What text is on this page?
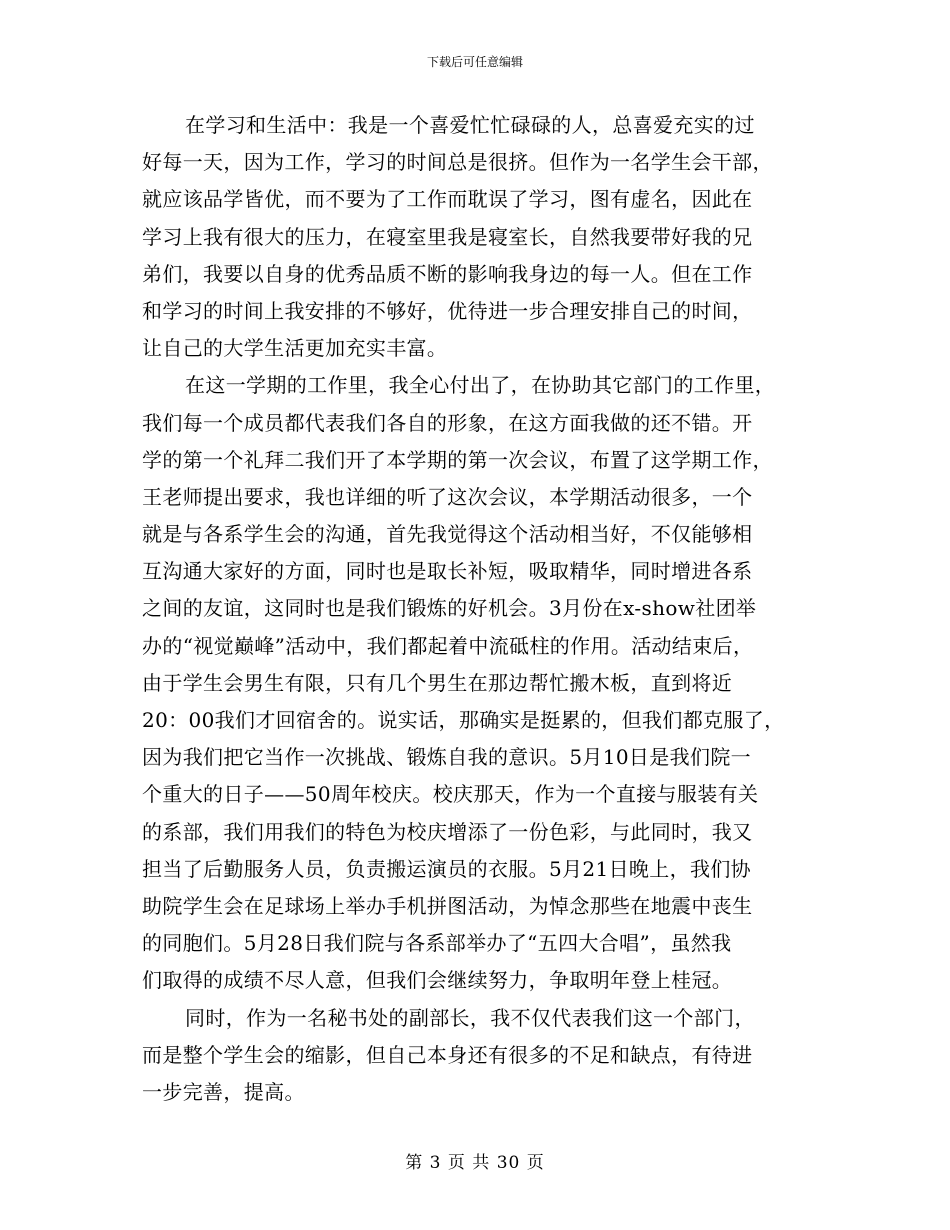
下载后可任意编辑
在学习和生活中：我是一个喜爱忙忙碌碌的人，总喜爱充实的过
好每一天，因为工作，学习的时间总是很挤。但作为一名学生会干部，
就应该品学皆优，而不要为了工作而耽误了学习，图有虚名，因此在
学习上我有很大的压力，在寝室里我是寝室长，自然我要带好我的兄
弟们，我要以自身的优秀品质不断的影响我身边的每一人。但在工作
和学习的时间上我安排的不够好，优待进一步合理安排自己的时间，
让自己的大学生活更加充实丰富。
在这一学期的工作里，我全心付出了，在协助其它部门的工作里，
我们每一个成员都代表我们各自的形象，在这方面我做的还不错。开
学的第一个礼拜二我们开了本学期的第一次会议，布置了这学期工作，
王老师提出要求，我也详细的听了这次会议，本学期活动很多，一个
就是与各系学生会的沟通，首先我觉得这个活动相当好，不仅能够相
互沟通大家好的方面，同时也是取长补短，吸取精华，同时增进各系
之间的友谊，这同时也是我们锻炼的好机会。3月份在x-show社团举
办的“视觉巅峰”活动中，我们都起着中流砥柱的作用。活动结束后，
由于学生会男生有限，只有几个男生在那边帮忙搬木板，直到将近
20：00我们才回宿舍的。说实话，那确实是挺累的，但我们都克服了，
因为我们把它当作一次挑战、锻炼自我的意识。5月10日是我们院一
个重大的日子——50周年校庆。校庆那天，作为一个直接与服装有关
的系部，我们用我们的特色为校庆增添了一份色彩，与此同时，我又
担当了后勤服务人员，负责搬运演员的衣服。5月21日晚上，我们协
助院学生会在足球场上举办手机拼图活动，为悼念那些在地震中丧生
的同胞们。5月28日我们院与各系部举办了“五四大合唱”，虽然我
们取得的成绩不尽人意，但我们会继续努力，争取明年登上桂冠。
同时，作为一名秘书处的副部长，我不仅代表我们这一个部门，
而是整个学生会的缩影，但自己本身还有很多的不足和缺点，有待进
一步完善，提高。
第 3 页 共 30 页
